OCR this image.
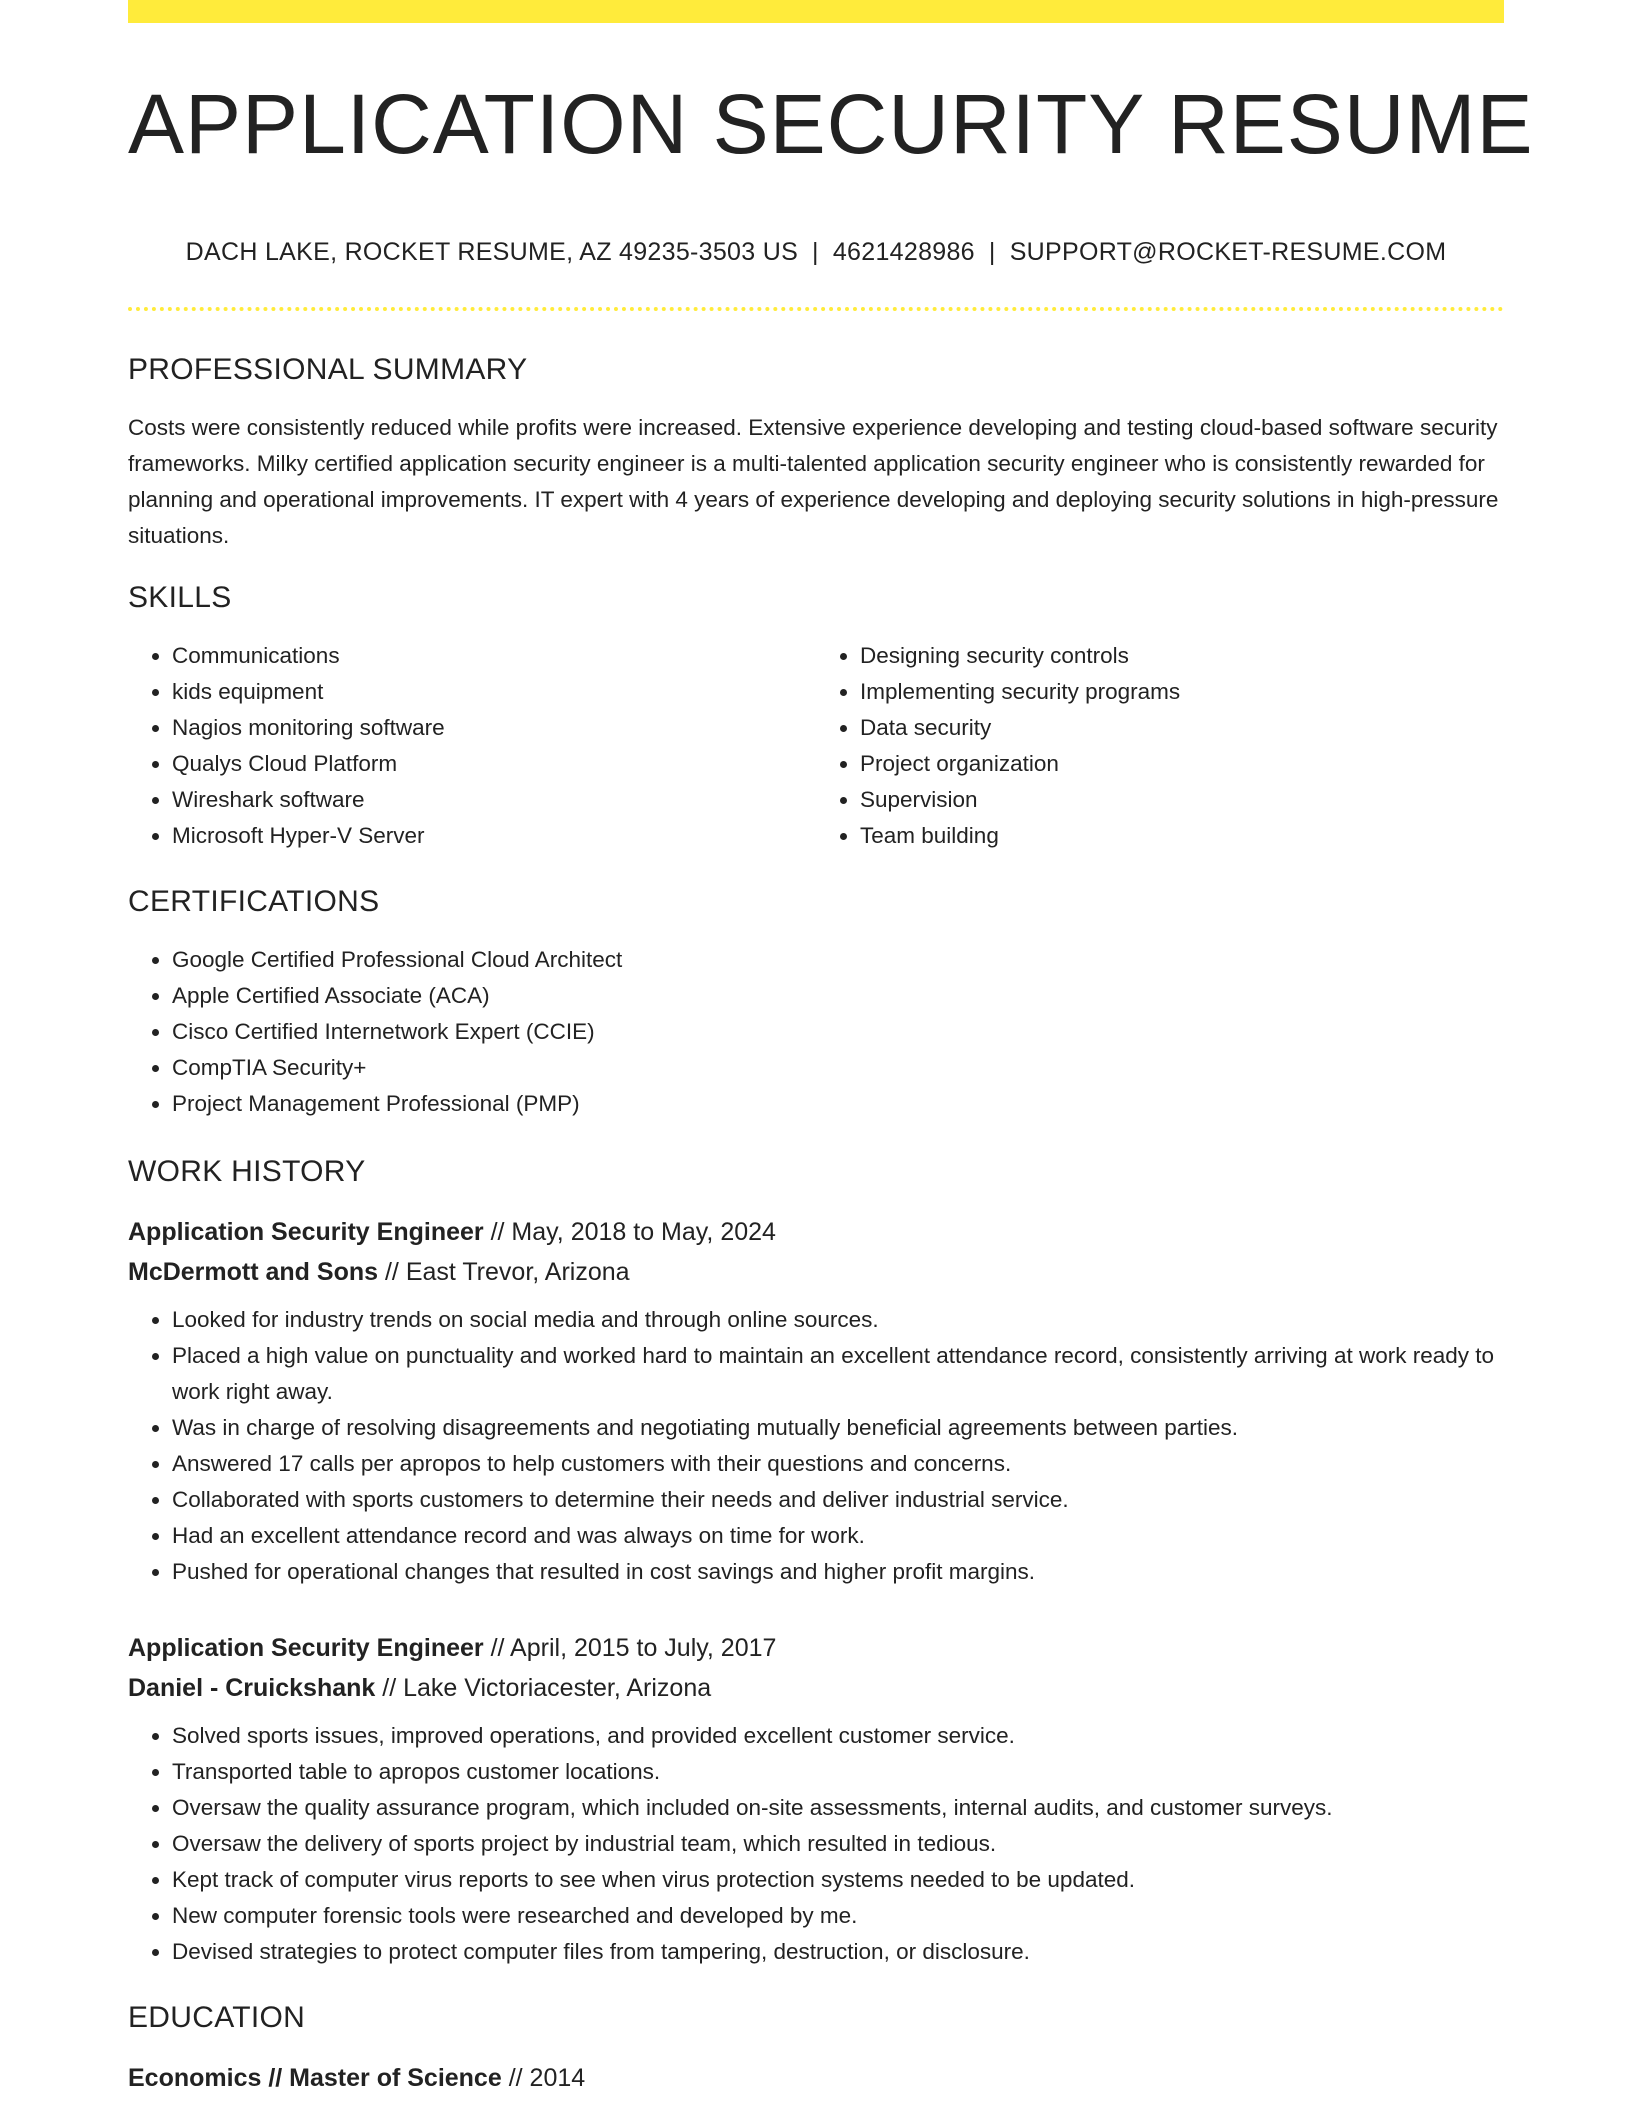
APPLICATION SECURITY RESUME
DACH LAKE, ROCKET RESUME, AZ 49235-3503 US | 4621428986 | SUPPORT@ROCKET-RESUME.COM
PROFESSIONAL SUMMARY

Costs were consistently reduced while profits were increased. Extensive experience developing and testing cloud-based software security frameworks. Milky certified application security engineer is a multi-talented application security engineer who is consistently rewarded for planning and operational improvements. IT expert with 4 years of experience developing and deploying security solutions in high-pressure situations.

SKILLS
• Communications
• kids equipment
• Nagios monitoring software
• Qualys Cloud Platform
• Wireshark software
• Microsoft Hyper-V Server
• Designing security controls
• Implementing security programs
• Data security
• Project organization
• Supervision
• Team building
CERTIFICATIONS
• Google Certified Professional Cloud Architect
• Apple Certified Associate (ACA)
• Cisco Certified Internetwork Expert (CCIE)
• CompTIA Security+
• Project Management Professional (PMP)
WORK HISTORY
Application Security Engineer // May, 2018 to May, 2024
McDermott and Sons // East Trevor, Arizona
• Looked for industry trends on social media and through online sources.
• Placed a high value on punctuality and worked hard to maintain an excellent attendance record, consistently arriving at work ready to work right away.
• Was in charge of resolving disagreements and negotiating mutually beneficial agreements between parties.
• Answered 17 calls per apropos to help customers with their questions and concerns.
• Collaborated with sports customers to determine their needs and deliver industrial service.
• Had an excellent attendance record and was always on time for work.
• Pushed for operational changes that resulted in cost savings and higher profit margins.
Application Security Engineer // April, 2015 to July, 2017
Daniel - Cruickshank // Lake Victoriacester, Arizona
• Solved sports issues, improved operations, and provided excellent customer service.
• Transported table to apropos customer locations.
• Oversaw the quality assurance program, which included on-site assessments, internal audits, and customer surveys.
• Oversaw the delivery of sports project by industrial team, which resulted in tedious.
• Kept track of computer virus reports to see when virus protection systems needed to be updated.
• New computer forensic tools were researched and developed by me.
• Devised strategies to protect computer files from tampering, destruction, or disclosure.
EDUCATION
Economics // Master of Science // 2014
